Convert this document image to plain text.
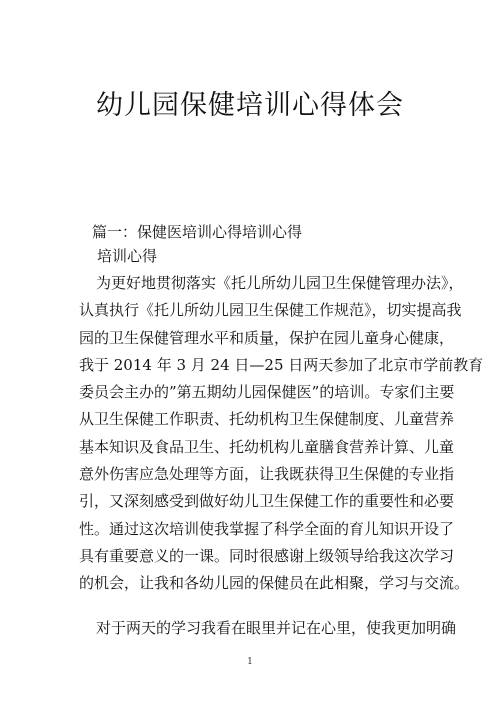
幼儿园保健培训心得体会

篇一：保健医培训心得培训心得

培训心得

为更好地贯彻落实《托儿所幼儿园卫生保健管理办法》，

认真执行《托儿所幼儿园卫生保健工作规范》，切实提高我

园的卫生保健管理水平和质量，保护在园儿童身心健康，

我于 2014 年 3 月 24 日—25 日两天参加了北京市学前教育

委员会主办的”第五期幼儿园保健医”的培训。专家们主要

从卫生保健工作职责、托幼机构卫生保健制度、儿童营养

基本知识及食品卫生、托幼机构儿童膳食营养计算、儿童

意外伤害应急处理等方面，让我既获得卫生保健的专业指

引，又深刻感受到做好幼儿卫生保健工作的重要性和必要

性。通过这次培训使我掌握了科学全面的育儿知识开设了

具有重要意义的一课。同时很感谢上级领导给我这次学习

的机会，让我和各幼儿园的保健员在此相聚，学习与交流。

对于两天的学习我看在眼里并记在心里，使我更加明确

1
